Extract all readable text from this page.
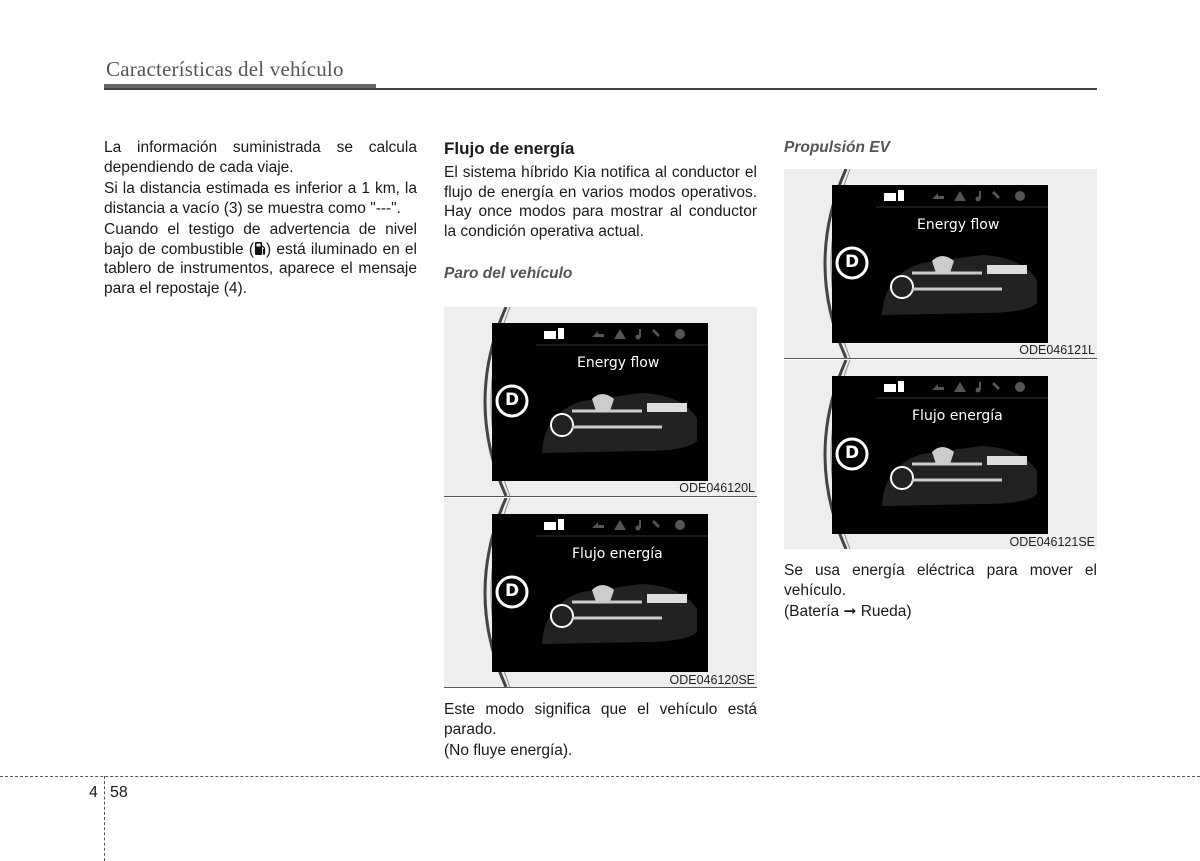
Características del vehículo

La información suministrada se calcula dependiendo de cada viaje.

Si la distancia estimada es inferior a 1 km, la distancia a vacío (3) se muestra como "---".

Cuando el testigo de advertencia de nivel bajo de combustible ( ) está iluminado en el tablero de instrumentos, aparece el mensaje para el repostaje (4).

Flujo de energía

El sistema híbrido Kia notifica al conductor el flujo de energía en varios modos operativos. Hay once modos para mostrar al conductor la condición operativa actual.

Paro del vehículo
Propulsión EV
Energy flow
D
ODE046120L
Flujo energía
D
ODE046120SE

Este modo significa que el vehículo está parado.

(No fluye energía).

Energy flow
D
ODE046121L
Flujo energía
D
ODE046121SE

Se usa energía eléctrica para mover el vehículo.

(Batería ➞ Rueda)

4 58
